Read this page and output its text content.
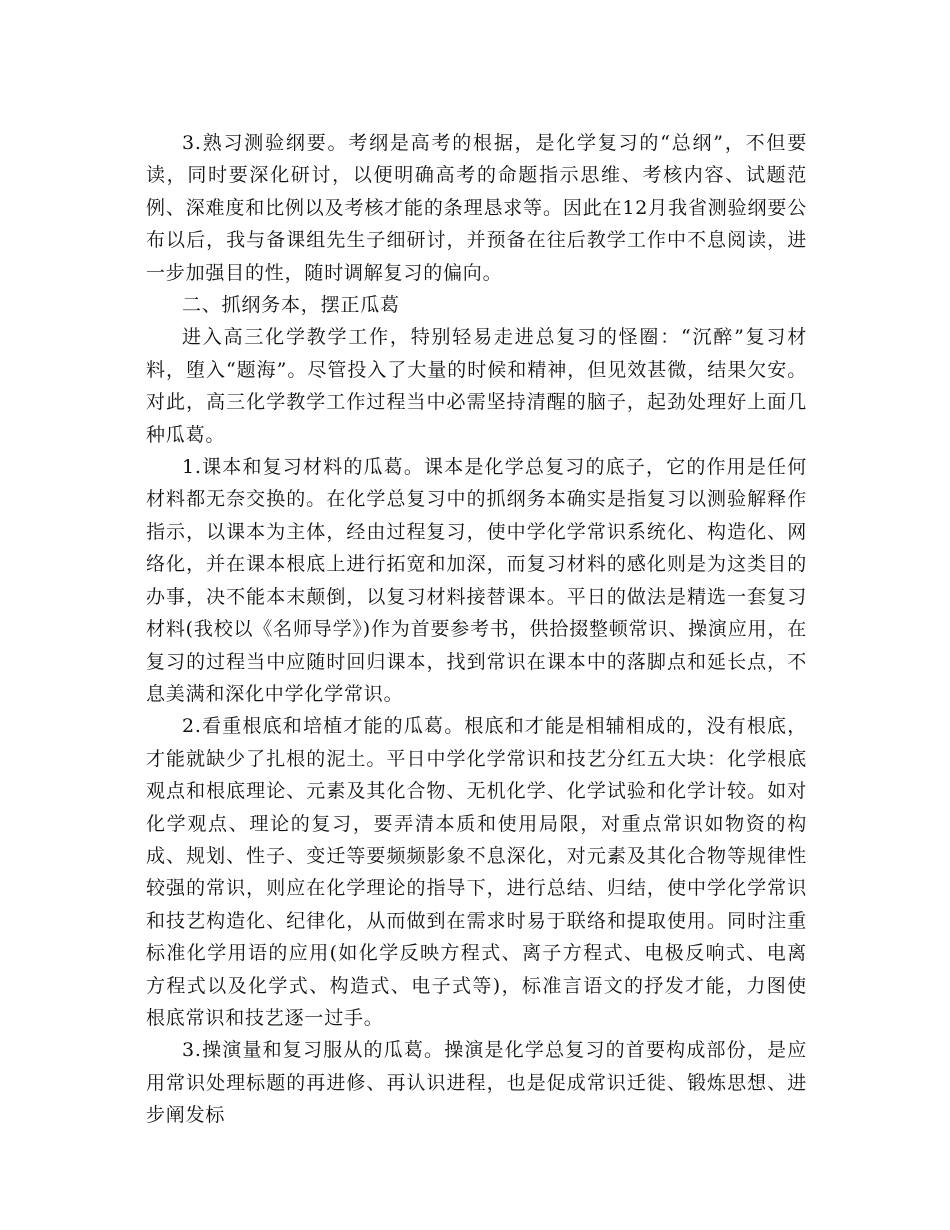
3.熟习测验纲要。考纲是高考的根据，是化学复习的“总纲”，不但要读，同时要深化研讨，以便明确高考的命题指示思维、考核内容、试题范例、深难度和比例以及考核才能的条理恳求等。因此在12月我省测验纲要公布以后，我与备课组先生子细研讨，并预备在往后教学工作中不息阅读，进一步加强目的性，随时调解复习的偏向。

二、抓纲务本，摆正瓜葛

进入高三化学教学工作，特别轻易走进总复习的怪圈：“沉醉”复习材料，堕入“题海”。尽管投入了大量的时候和精神，但见效甚微，结果欠安。对此，高三化学教学工作过程当中必需坚持清醒的脑子，起劲处理好上面几种瓜葛。

1.课本和复习材料的瓜葛。课本是化学总复习的底子，它的作用是任何材料都无奈交换的。在化学总复习中的抓纲务本确实是指复习以测验解释作指示，以课本为主体，经由过程复习，使中学化学常识系统化、构造化、网络化，并在课本根底上进行拓宽和加深，而复习材料的感化则是为这类目的办事，决不能本末颠倒，以复习材料接替课本。平日的做法是精选一套复习材料(我校以《名师导学》)作为首要参考书，供拾掇整顿常识、操演应用，在复习的过程当中应随时回归课本，找到常识在课本中的落脚点和延长点，不息美满和深化中学化学常识。

2.看重根底和培植才能的瓜葛。根底和才能是相辅相成的，没有根底，才能就缺少了扎根的泥土。平日中学化学常识和技艺分红五大块：化学根底观点和根底理论、元素及其化合物、无机化学、化学试验和化学计较。如对化学观点、理论的复习，要弄清本质和使用局限，对重点常识如物资的构成、规划、性子、变迁等要频频影象不息深化，对元素及其化合物等规律性较强的常识，则应在化学理论的指导下，进行总结、归结，使中学化学常识和技艺构造化、纪律化，从而做到在需求时易于联络和提取使用。同时注重标准化学用语的应用(如化学反映方程式、离子方程式、电极反响式、电离方程式以及化学式、构造式、电子式等)，标准言语文的抒发才能，力图使根底常识和技艺逐一过手。

3.操演量和复习服从的瓜葛。操演是化学总复习的首要构成部份，是应用常识处理标题的再进修、再认识进程，也是促成常识迁徙、锻炼思想、进步阐发标
